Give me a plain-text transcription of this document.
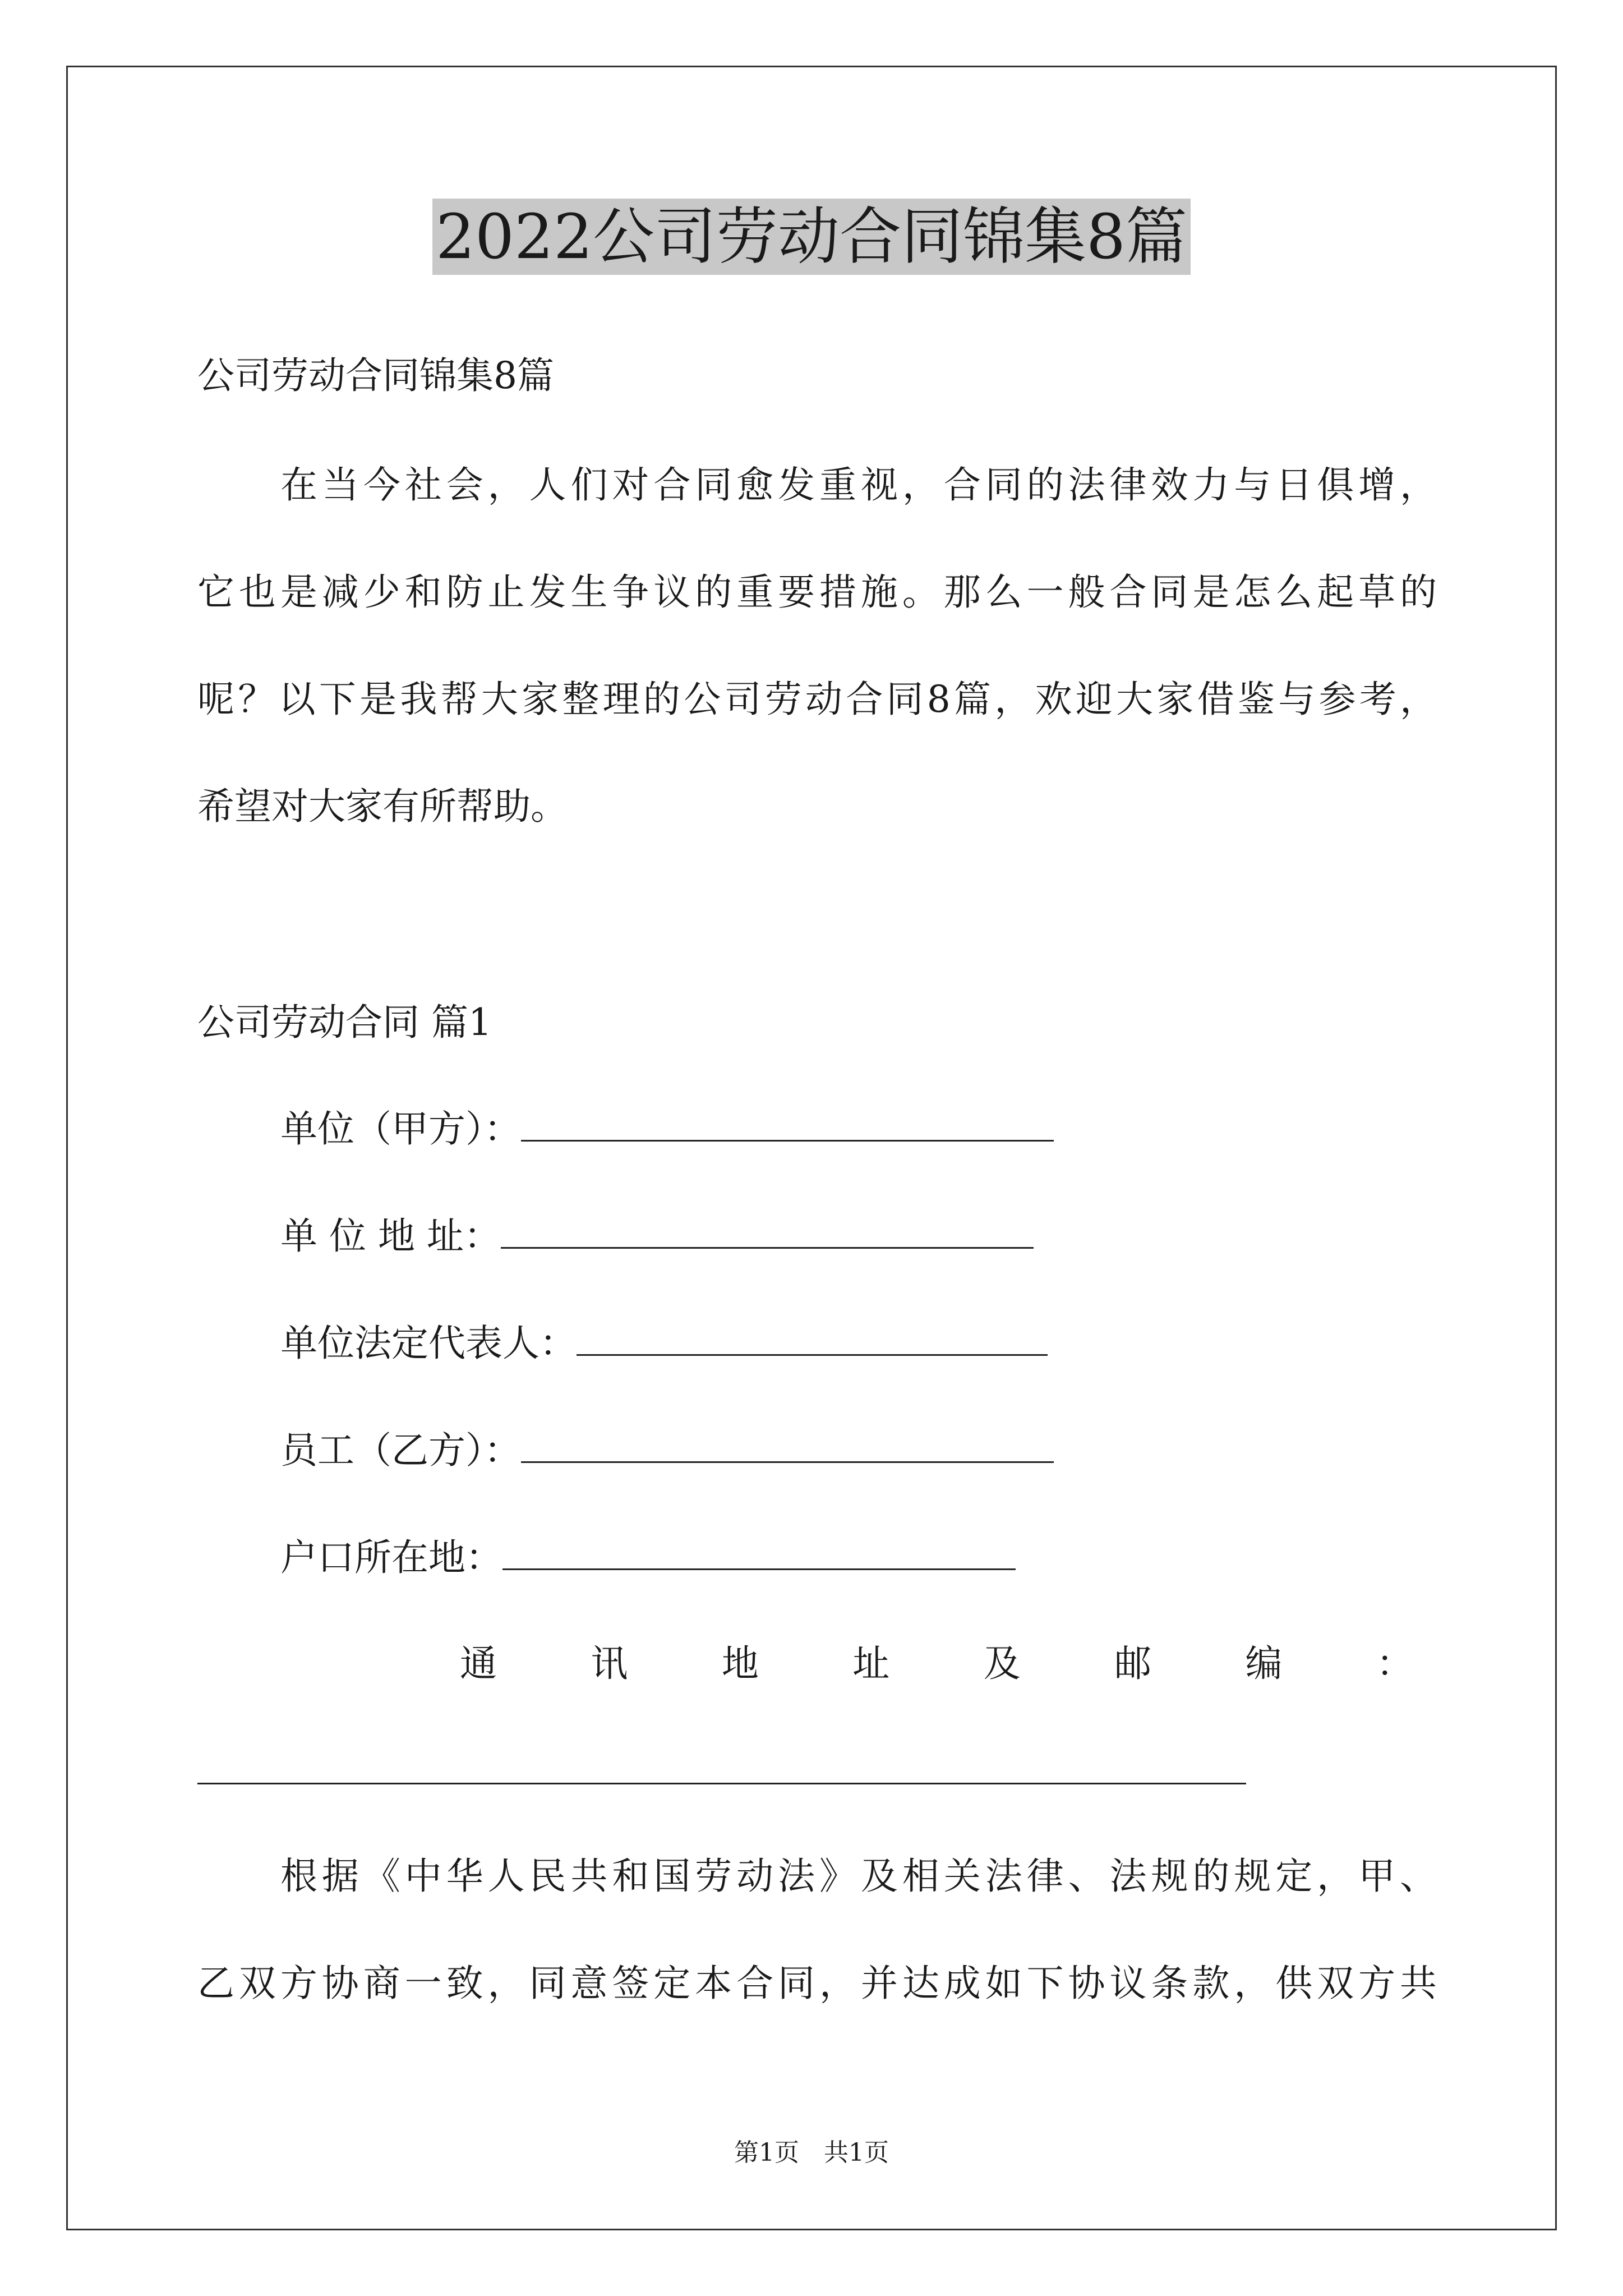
2022公司劳动合同锦集8篇
公司劳动合同锦集8篇
在当今社会，人们对合同愈发重视，合同的法律效力与日俱增，
它也是减少和防止发生争议的重要措施。那么一般合同是怎么起草的
呢？以下是我帮大家整理的公司劳动合同8篇，欢迎大家借鉴与参考，
希望对大家有所帮助。
公司劳动合同 篇1
单位（甲方）：
单 位 地 址：
单位法定代表人：
员工（乙方）：
户口所在地：
通	讯	地	址	及	邮	编	：
根据《中华人民共和国劳动法》及相关法律、法规的规定，甲、
乙双方协商一致，同意签定本合同，并达成如下协议条款，供双方共
第1页　共1页
